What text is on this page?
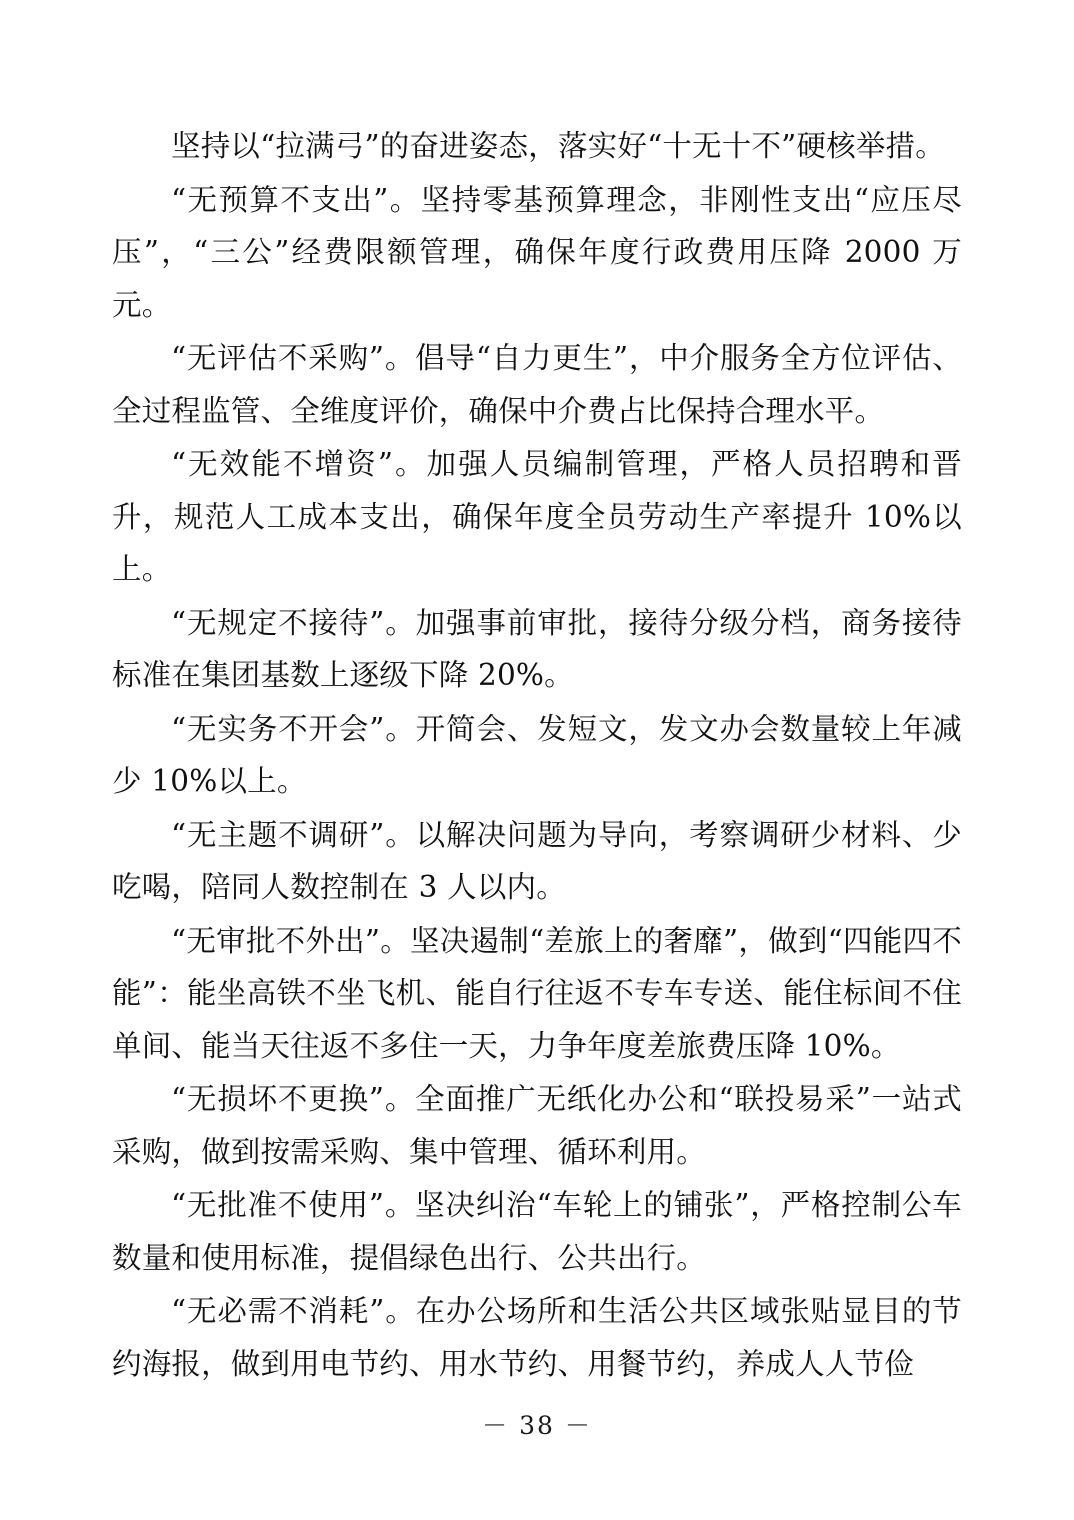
坚持以“拉满弓”的奋进姿态，落实好“十无十不”硬核举措。

“无预算不支出”。坚持零基预算理念，非刚性支出“应压尽压”，“三公”经费限额管理，确保年度行政费用压降 2000 万元。

“无评估不采购”。倡导“自力更生”，中介服务全方位评估、全过程监管、全维度评价，确保中介费占比保持合理水平。

“无效能不增资”。加强人员编制管理，严格人员招聘和晋升，规范人工成本支出，确保年度全员劳动生产率提升 10%以上。

“无规定不接待”。加强事前审批，接待分级分档，商务接待标准在集团基数上逐级下降 20%。

“无实务不开会”。开简会、发短文，发文办会数量较上年减少 10%以上。

“无主题不调研”。以解决问题为导向，考察调研少材料、少吃喝，陪同人数控制在 3 人以内。

“无审批不外出”。坚决遏制“差旅上的奢靡”，做到“四能四不能”：能坐高铁不坐飞机、能自行往返不专车专送、能住标间不住单间、能当天往返不多住一天，力争年度差旅费压降 10%。

“无损坏不更换”。全面推广无纸化办公和“联投易采”一站式采购，做到按需采购、集中管理、循环利用。

“无批准不使用”。坚决纠治“车轮上的铺张”，严格控制公车数量和使用标准，提倡绿色出行、公共出行。

“无必需不消耗”。在办公场所和生活公共区域张贴显目的节约海报，做到用电节约、用水节约、用餐节约，养成人人节俭

－ 38 －
